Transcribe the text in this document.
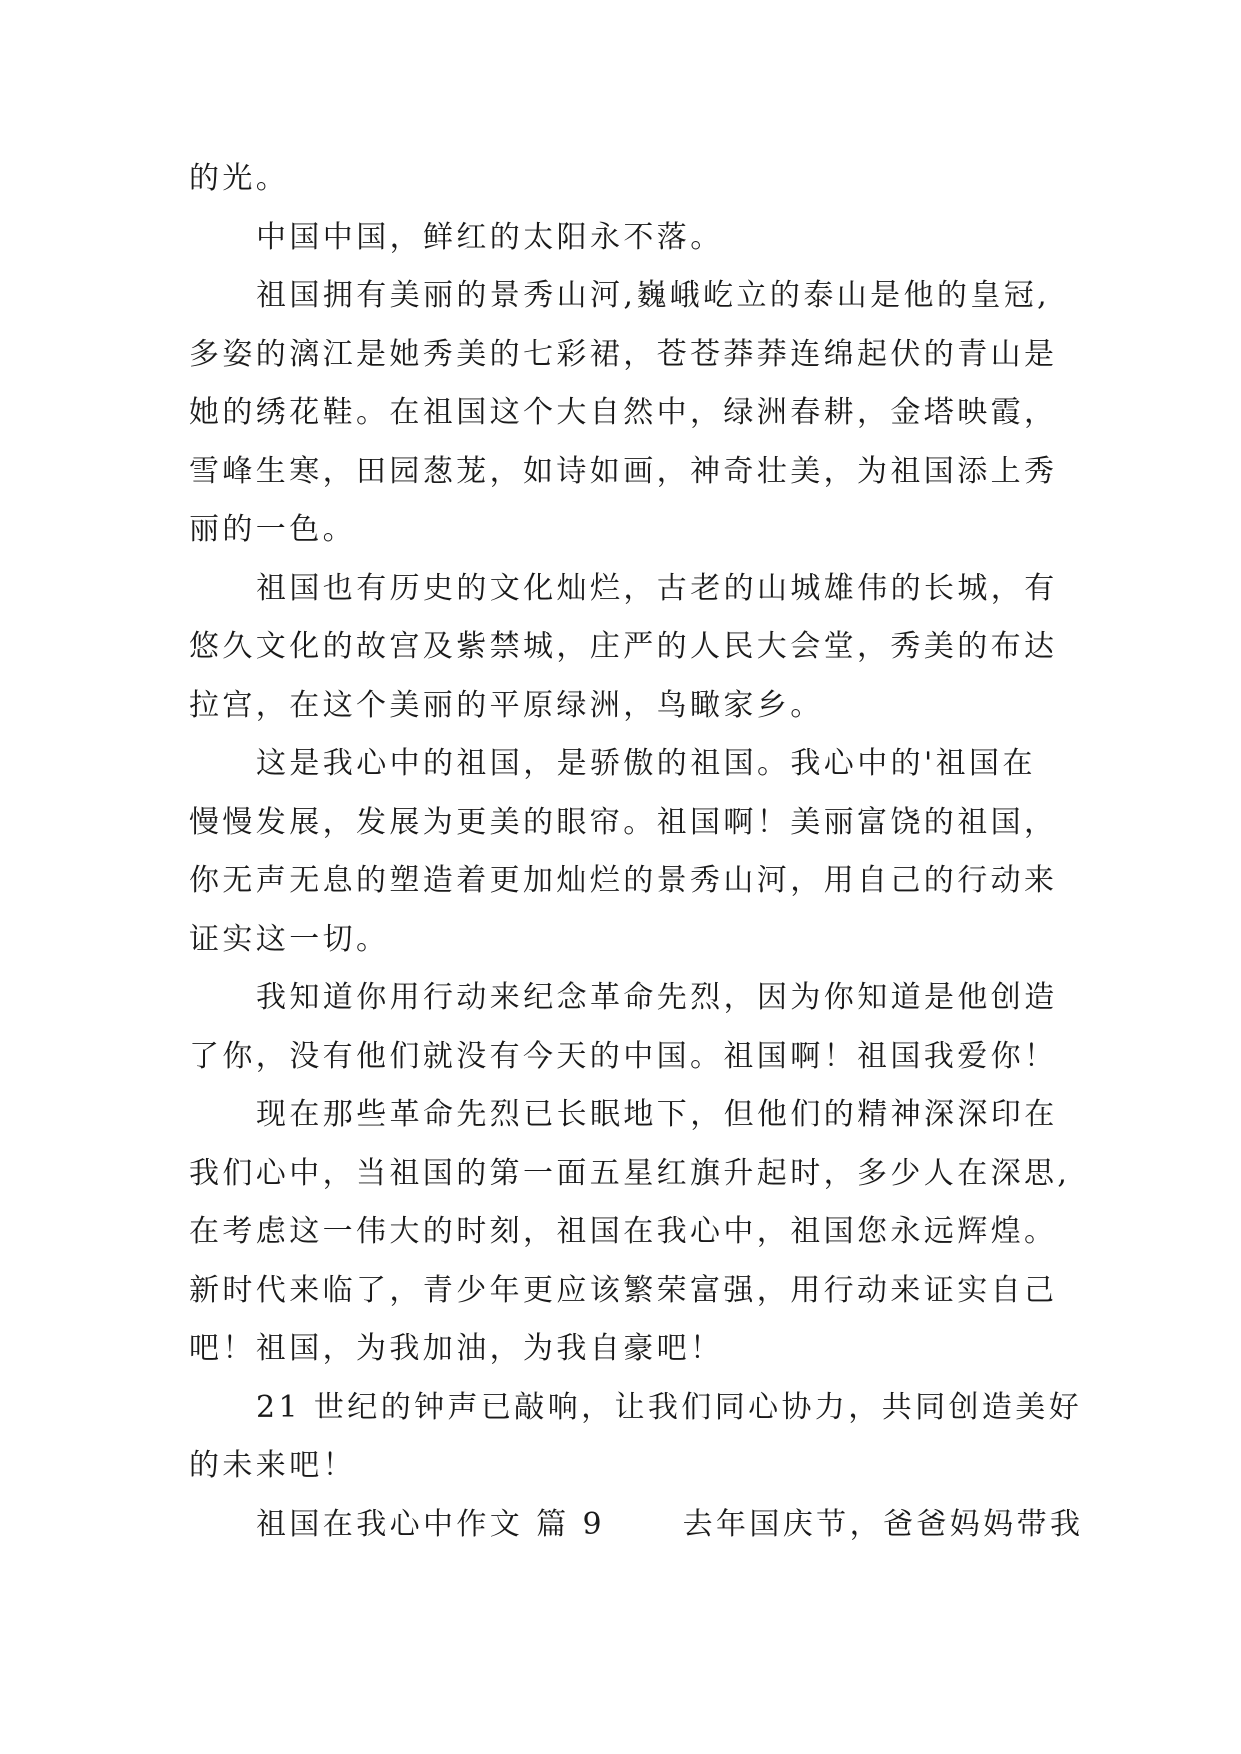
的光。
中国中国，鲜红的太阳永不落。
祖国拥有美丽的景秀山河,巍峨屹立的泰山是他的皇冠,
多姿的漓江是她秀美的七彩裙，苍苍莽莽连绵起伏的青山是
她的绣花鞋。在祖国这个大自然中，绿洲春耕，金塔映霞，
雪峰生寒，田园葱茏，如诗如画，神奇壮美，为祖国添上秀
丽的一色。
祖国也有历史的文化灿烂，古老的山城雄伟的长城，有
悠久文化的故宫及紫禁城，庄严的人民大会堂，秀美的布达
拉宫，在这个美丽的平原绿洲，鸟瞰家乡。
这是我心中的祖国，是骄傲的祖国。我心中的'祖国在
慢慢发展，发展为更美的眼帘。祖国啊！美丽富饶的祖国，
你无声无息的塑造着更加灿烂的景秀山河，用自己的行动来
证实这一切。
我知道你用行动来纪念革命先烈，因为你知道是他创造
了你，没有他们就没有今天的中国。祖国啊！祖国我爱你！
现在那些革命先烈已长眠地下，但他们的精神深深印在
我们心中，当祖国的第一面五星红旗升起时，多少人在深思,
在考虑这一伟大的时刻，祖国在我心中，祖国您永远辉煌。
新时代来临了，青少年更应该繁荣富强，用行动来证实自己
吧！祖国，为我加油，为我自豪吧！
21 世纪的钟声已敲响，让我们同心协力，共同创造美好
的未来吧！
祖国在我心中作文 篇 9      去年国庆节，爸爸妈妈带我
